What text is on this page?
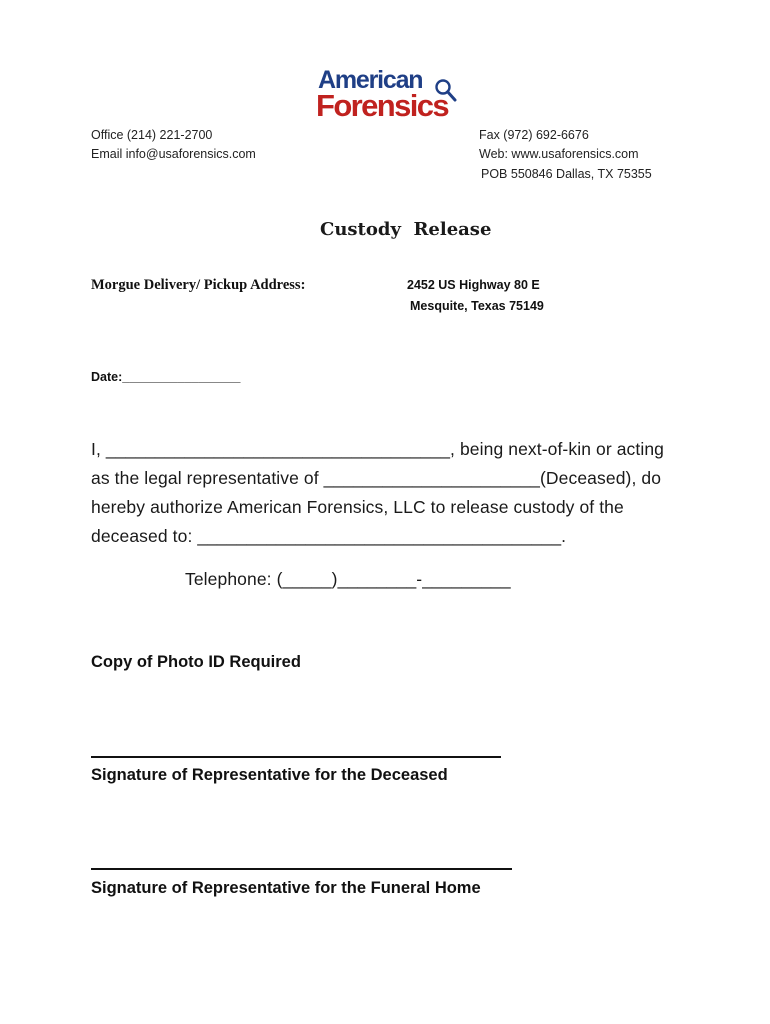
American
Forensics
Office (214) 221-2700
Email info@usaforensics.com
Fax (972) 692-6676
Web: www.usaforensics.com
POB 550846 Dallas, TX 75355
Custody  Release
Morgue Delivery/ Pickup Address:	2452 US Highway 80 E
Mesquite, Texas 75149
Date:_________________
I, ___________________________________, being next-of-kin or acting
as the legal representative of ______________________(Deceased), do
hereby authorize American Forensics, LLC to release custody of the
deceased to: _____________________________________.
Telephone: (_____)________-_________
Copy of Photo ID Required
Signature of Representative for the Deceased
Signature of Representative for the Funeral Home
